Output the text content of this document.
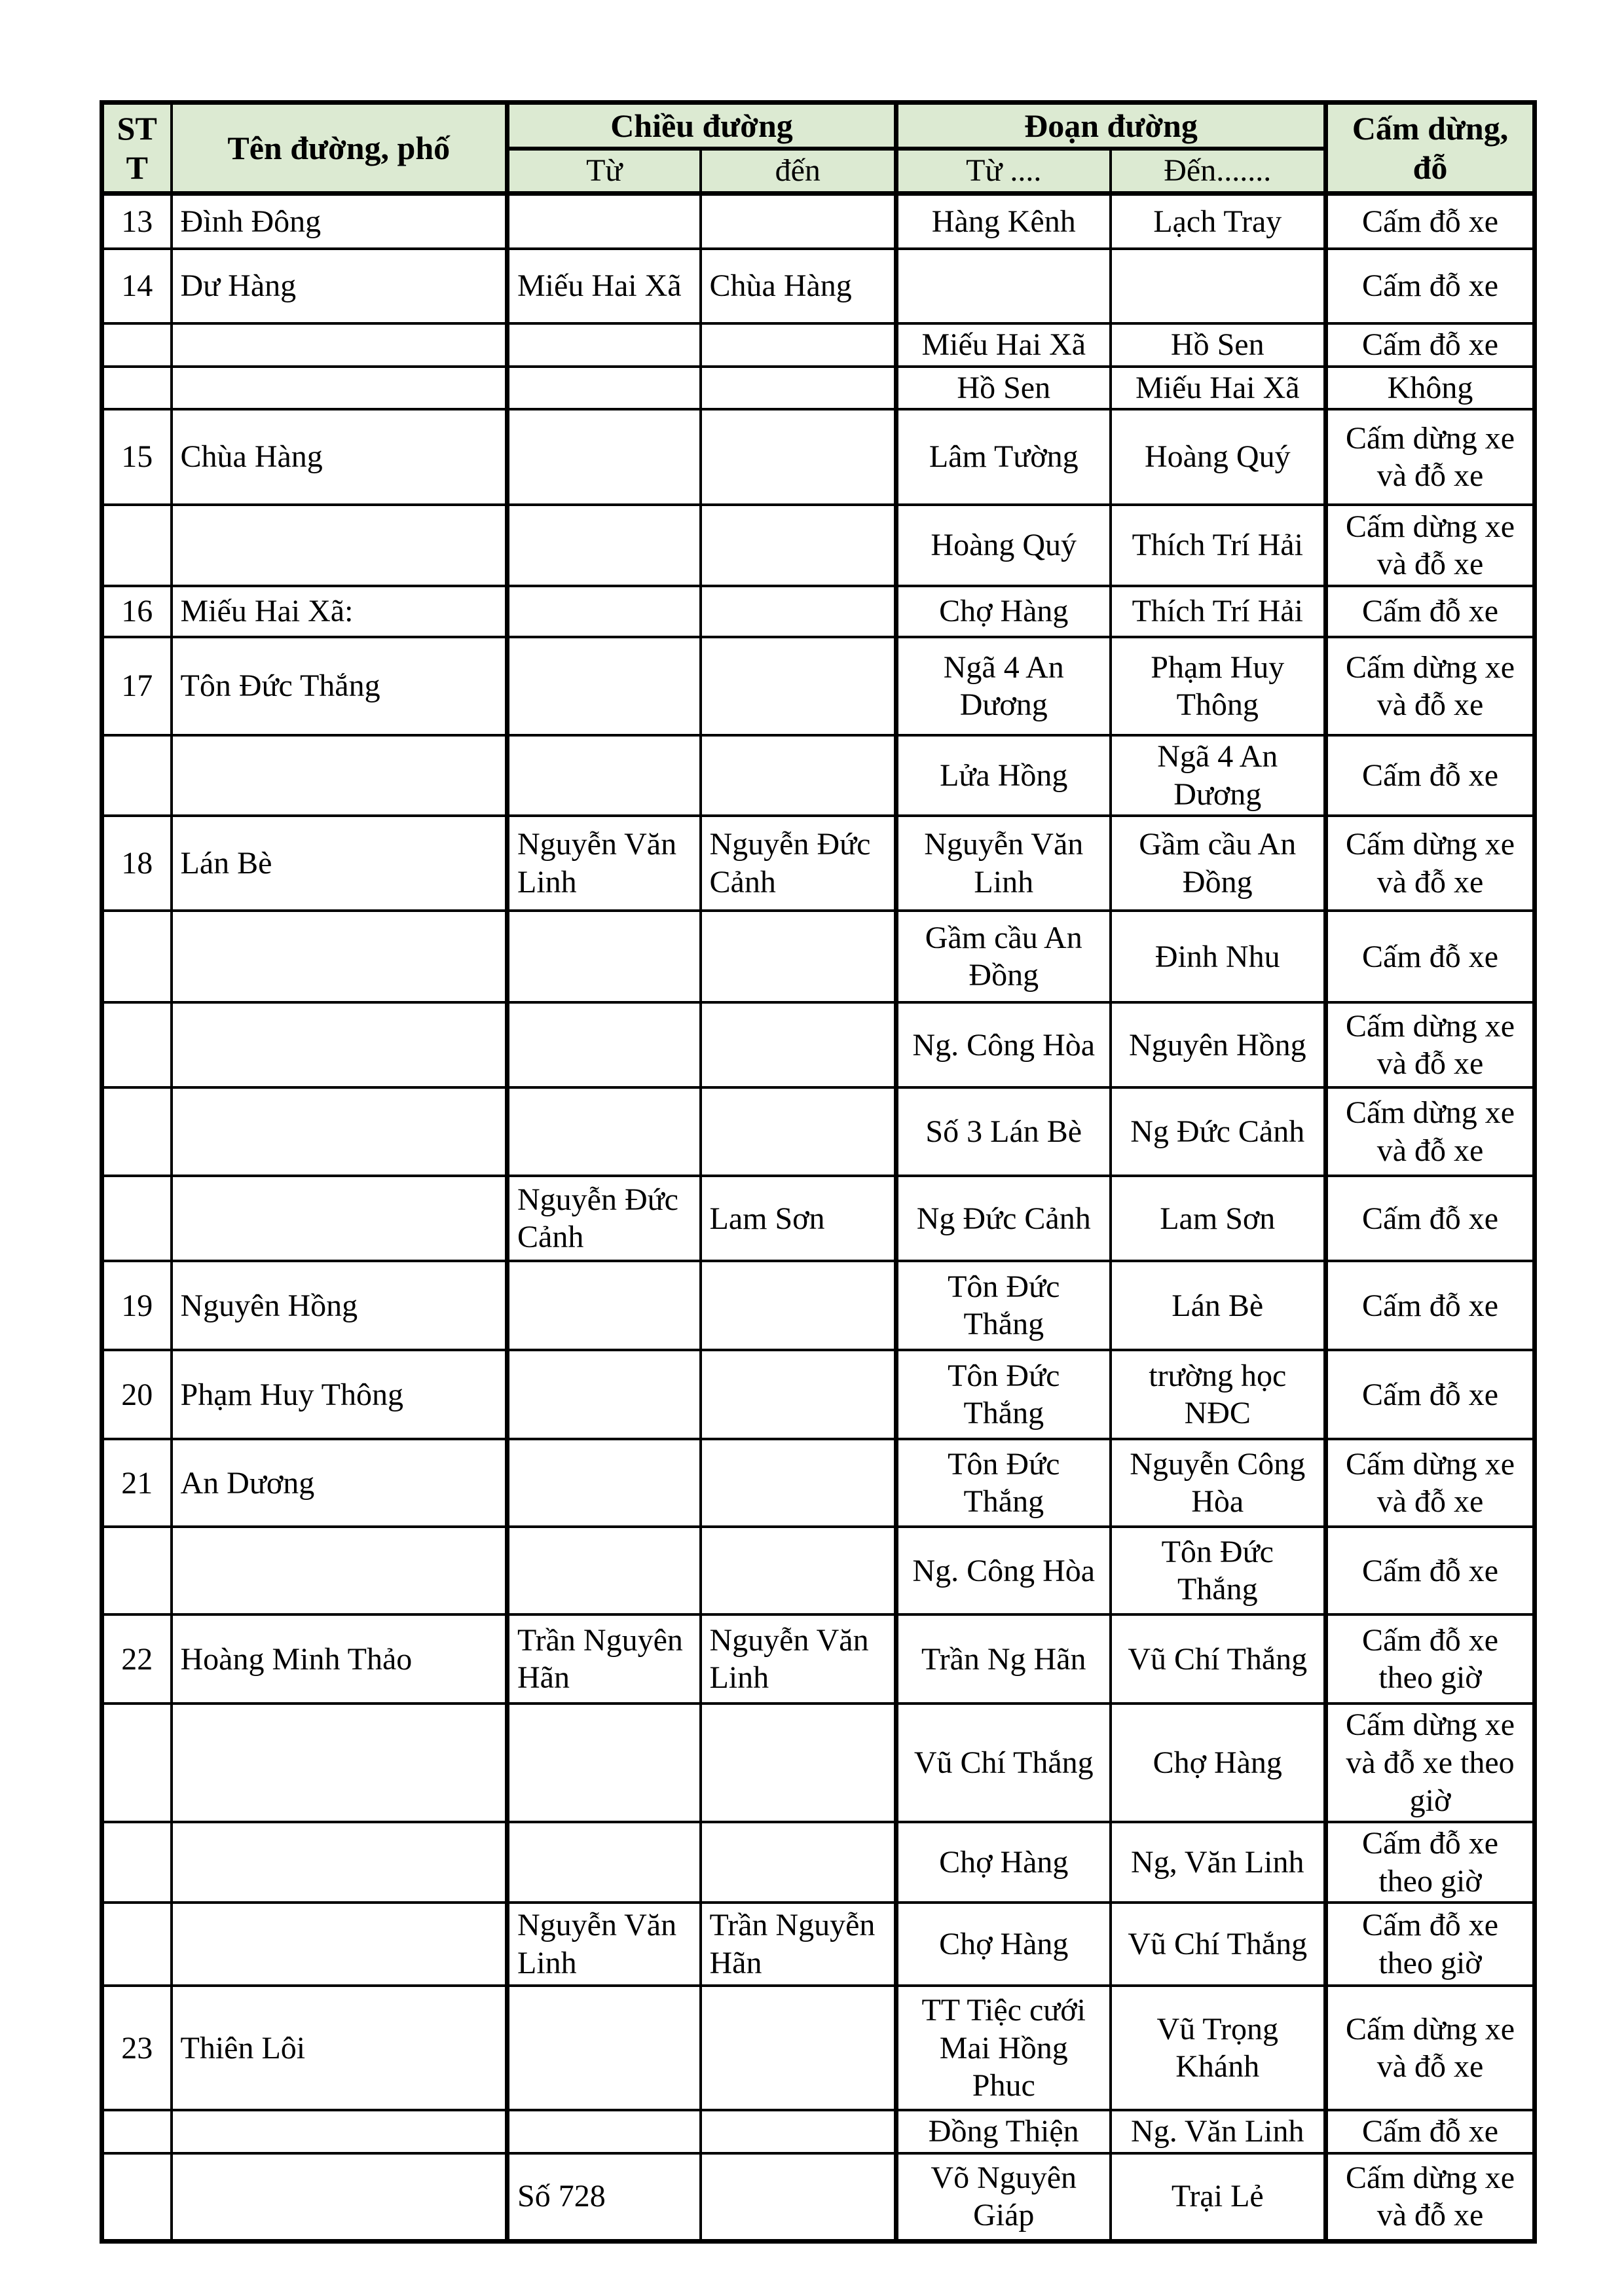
STT	Tên đường, phố	Chiều đường		Đoạn đường		Cấm dừng, đỗ
		Từ	đến	Từ ....	Đến.......	
13	Đình Đông			Hàng Kênh	Lạch Tray	Cấm đỗ xe
14	Dư Hàng	Miếu Hai Xã	Chùa Hàng			Cấm đỗ xe
				Miếu Hai Xã	Hồ Sen	Cấm đỗ xe
				Hồ Sen	Miếu Hai Xã	Không
15	Chùa Hàng			Lâm Tường	Hoàng Quý	Cấm dừng xe và đỗ xe
				Hoàng Quý	Thích Trí Hải	Cấm dừng xe và đỗ xe
16	Miếu Hai Xã:			Chợ Hàng	Thích Trí Hải	Cấm đỗ xe
17	Tôn Đức Thắng			Ngã 4 An Dương	Phạm Huy Thông	Cấm dừng xe và đỗ xe
				Lửa Hồng	Ngã 4 An Dương	Cấm đỗ xe
18	Lán Bè	Nguyễn Văn Linh	Nguyễn Đức Cảnh	Nguyễn Văn Linh	Gầm cầu An Đồng	Cấm dừng xe và đỗ xe
				Gầm cầu An Đồng	Đinh Nhu	Cấm đỗ xe
				Ng. Công Hòa	Nguyên Hồng	Cấm dừng xe và đỗ xe
				Số 3 Lán Bè	Ng Đức Cảnh	Cấm dừng xe và đỗ xe
		Nguyễn Đức Cảnh	Lam Sơn	Ng Đức Cảnh	Lam Sơn	Cấm đỗ xe
19	Nguyên Hồng			Tôn Đức Thắng	Lán Bè	Cấm đỗ xe
20	Phạm Huy Thông			Tôn Đức Thắng	trường học NĐC	Cấm đỗ xe
21	An Dương			Tôn Đức Thắng	Nguyễn Công Hòa	Cấm dừng xe và đỗ xe
				Ng. Công Hòa	Tôn Đức Thắng	Cấm đỗ xe
22	Hoàng Minh Thảo	Trần Nguyên Hãn	Nguyễn Văn Linh	Trần Ng Hãn	Vũ Chí Thắng	Cấm đỗ xe theo giờ
				Vũ Chí Thắng	Chợ Hàng	Cấm dừng xe và đỗ xe theo giờ
				Chợ Hàng	Ng, Văn Linh	Cấm đỗ xe theo giờ
		Nguyễn Văn Linh	Trần Nguyễn Hãn	Chợ Hàng	Vũ Chí Thắng	Cấm đỗ xe theo giờ
23	Thiên Lôi			TT Tiệc cưới Mai Hồng Phuc	Vũ Trọng Khánh	Cấm dừng xe và đỗ xe
				Đồng Thiện	Ng. Văn Linh	Cấm đỗ xe
		Số 728		Võ Nguyên Giáp	Trại Lẻ	Cấm dừng xe và đỗ xe
